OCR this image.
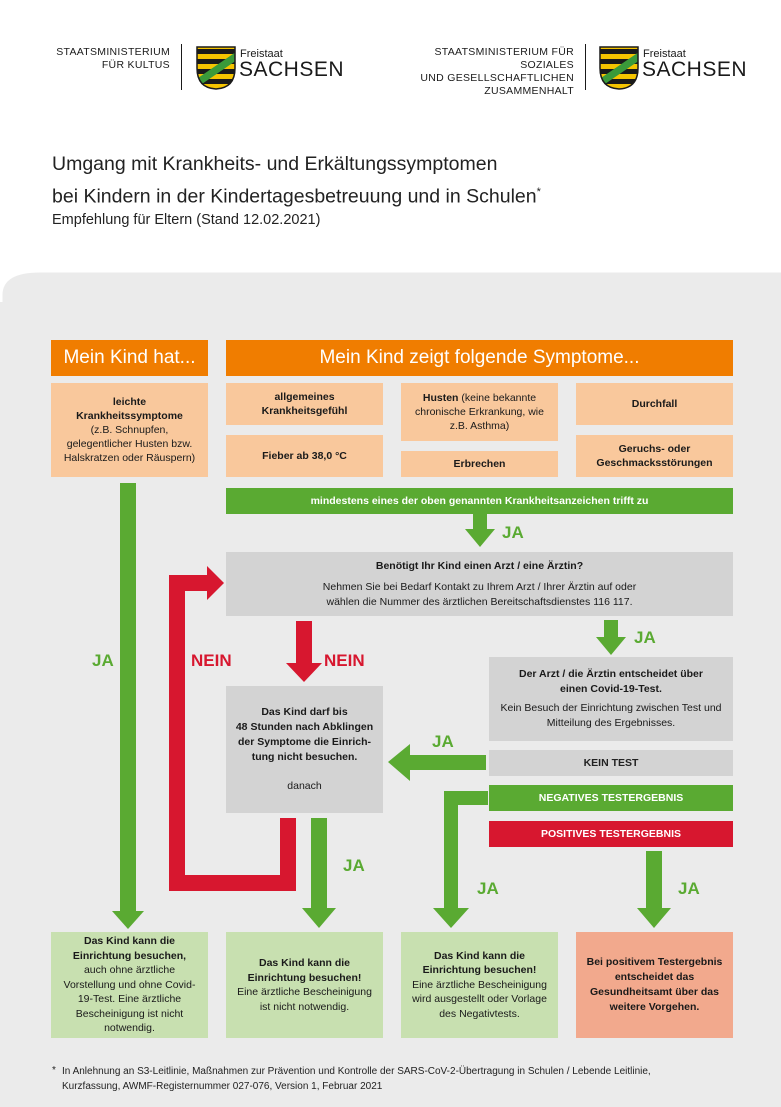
STAATSMINISTERIUM
FÜR KULTUS
Freistaat
SACHSEN
STAATSMINISTERIUM FÜR SOZIALES
UND GESELLSCHAFTLICHEN
ZUSAMMENHALT
Freistaat
SACHSEN
Umgang mit Krankheits- und Erkältungssymptomen
bei Kindern in der Kindertagesbetreuung und in Schulen*
Empfehlung für Eltern (Stand 12.02.2021)
Mein Kind hat...	Mein Kind zeigt folgende Symptome...
leichte
Krankheitssymptome
(z.B. Schnupfen, gelegentlicher Husten bzw. Halskratzen oder Räuspern)
allgemeines Krankheitsgefühl
Husten (keine bekannte chronische Erkrankung, wie z.B. Asthma)
Durchfall
Fieber ab 38,0 °C
Erbrechen
Geruchs- oder Geschmacksstörungen
mindestens eines der oben genannten Krankheitsanzeichen trifft zu
JA
JA
JA
JA
JA
JA	JA
NEIN	NEIN
Benötigt Ihr Kind einen Arzt / eine Ärztin?
Nehmen Sie bei Bedarf Kontakt zu Ihrem Arzt / Ihrer Ärztin auf oder
wählen die Nummer des ärztlichen Bereitschaftsdienstes 116 117.
Der Arzt / die Ärztin entscheidet über
einen Covid-19-Test.
Kein Besuch der Einrichtung zwischen Test und
Mitteilung des Ergebnisses.
Das Kind darf bis
48 Stunden nach Abklingen
der Symptome die Einrich-
tung nicht besuchen.
danach
KEIN TEST
NEGATIVES TESTERGEBNIS
POSITIVES TESTERGEBNIS
Das Kind kann die
Einrichtung besuchen, auch ohne ärztliche Vorstellung und ohne Covid-19-Test. Eine ärztliche Bescheinigung ist nicht notwendig.
Das Kind kann die
Einrichtung besuchen!
Eine ärztliche Bescheinigung ist nicht notwendig.
Das Kind kann die
Einrichtung besuchen!
Eine ärztliche Bescheinigung wird ausgestellt oder Vorlage des Negativtests.
Bei positivem Testergebnis entscheidet das Gesundheitsamt über das weitere Vorgehen.
* In Anlehnung an S3-Leitlinie, Maßnahmen zur Prävention und Kontrolle der SARS-CoV-2-Übertragung in Schulen / Lebende Leitlinie, Kurzfassung, AWMF-Registernummer 027-076, Version 1, Februar 2021
